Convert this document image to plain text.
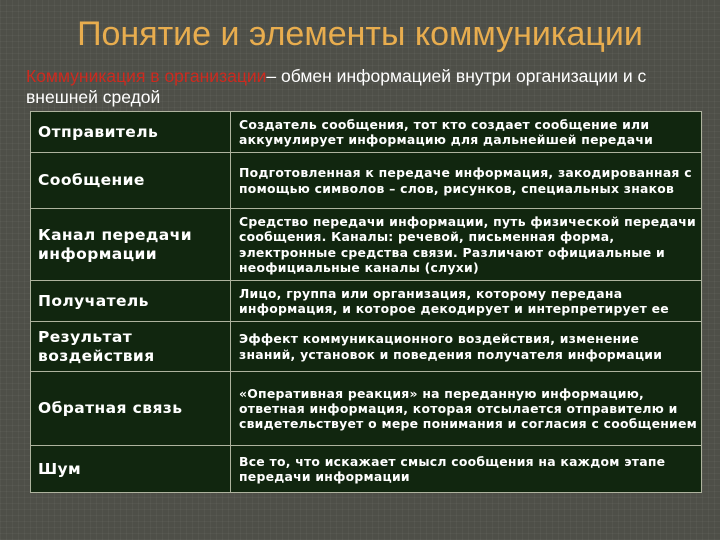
Понятие и элементы коммуникации
Коммуникация в организации– обмен информацией внутри организации и с внешней средой
Отправитель	Создатель сообщения, тот кто создает сообщение или аккумулирует информацию для дальнейшей передачи
Сообщение	Подготовленная к передаче информация, закодированная с помощью символов – слов, рисунков, специальных знаков
Канал передачи информации	Средство передачи информации, путь физической передачи сообщения. Каналы: речевой, письменная форма, электронные средства связи. Различают официальные и неофициальные каналы (слухи)
Получатель	Лицо, группа или организация, которому передана информация, и которое декодирует и интерпретирует ее
Результат воздействия	Эффект коммуникационного воздействия, изменение знаний, установок и поведения получателя информации
Обратная связь	«Оперативная реакция» на переданную информацию, ответная информация, которая отсылается отправителю и свидетельствует о мере понимания и согласия с сообщением
Шум	Все то, что искажает смысл сообщения на каждом этапе передачи информации
